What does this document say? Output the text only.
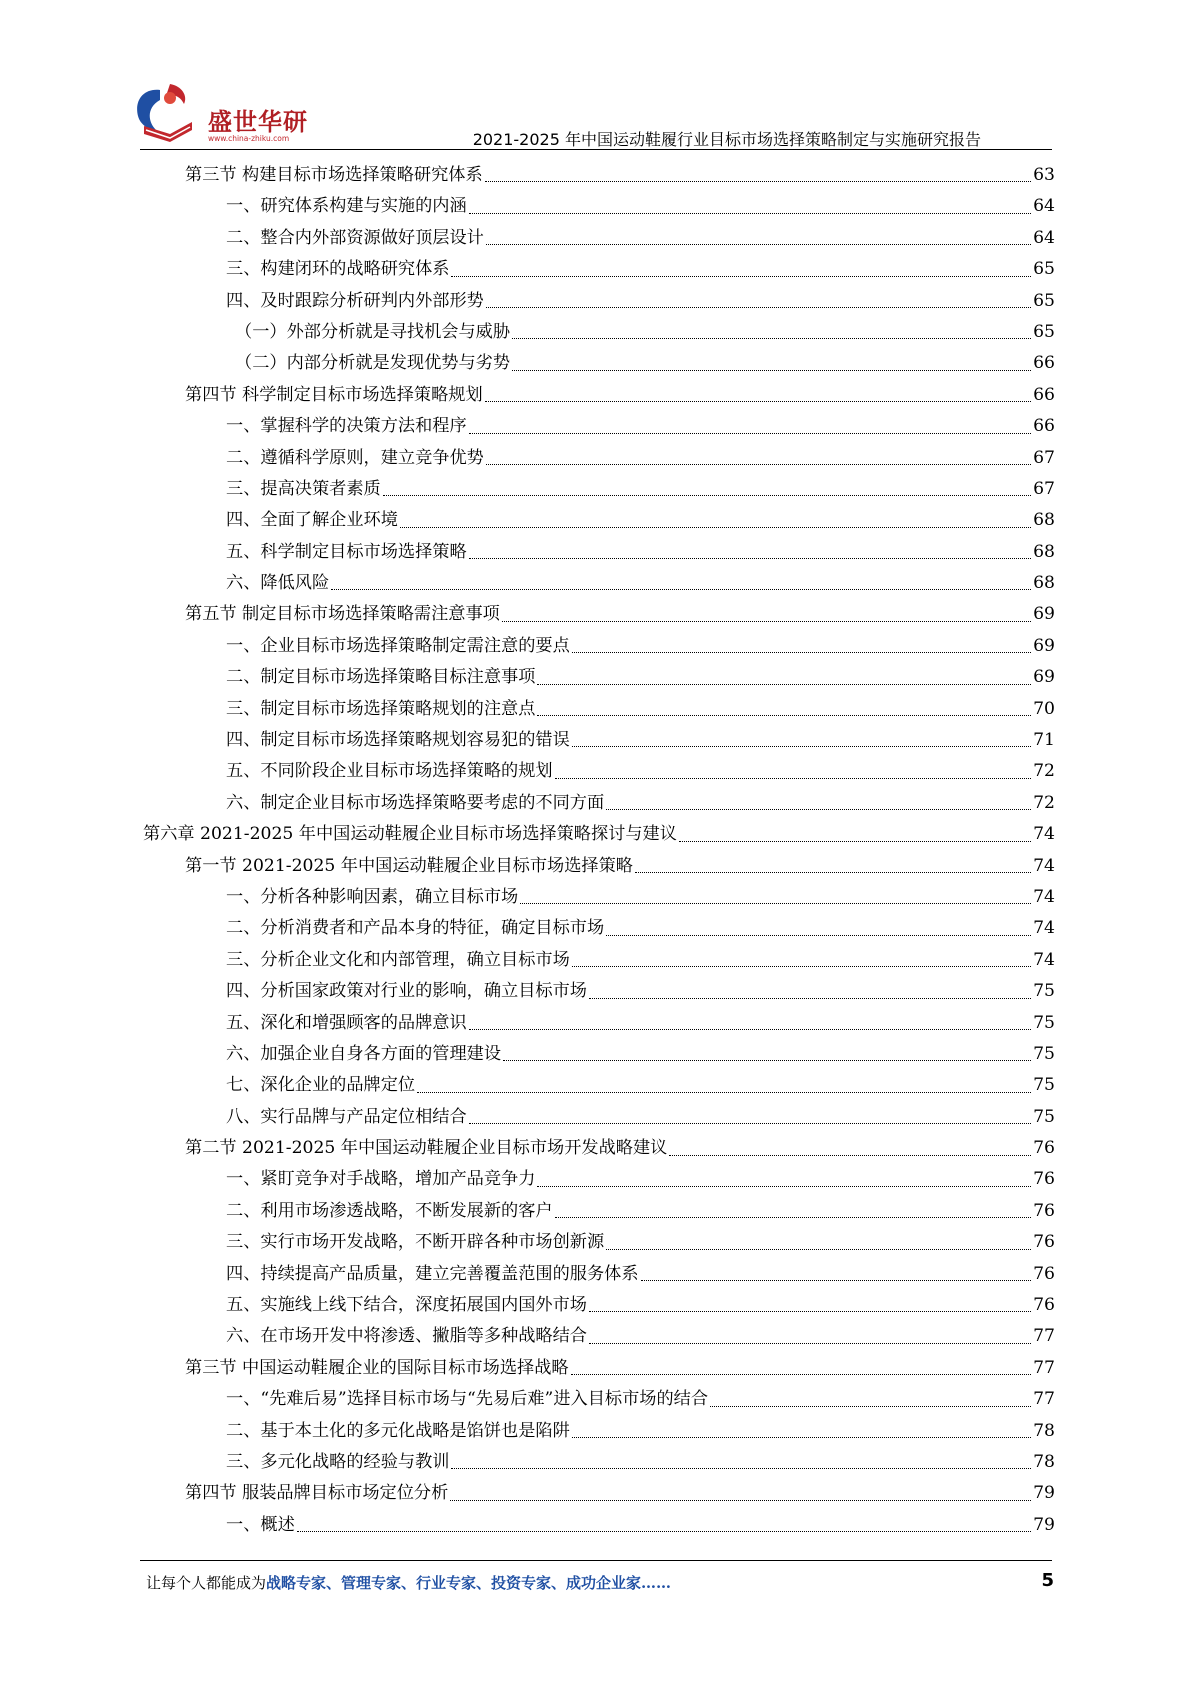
盛世华研
www.china-zhiku.com	2021-2025 年中国运动鞋履行业目标市场选择策略制定与实施研究报告
第三节 构建目标市场选择策略研究体系	63
一、研究体系构建与实施的内涵	64
二、整合内外部资源做好顶层设计	64
三、构建闭环的战略研究体系	65
四、及时跟踪分析研判内外部形势	65
（一）外部分析就是寻找机会与威胁	65
（二）内部分析就是发现优势与劣势	66
第四节 科学制定目标市场选择策略规划	66
一、掌握科学的决策方法和程序	66
二、遵循科学原则，建立竞争优势	67
三、提高决策者素质	67
四、全面了解企业环境	68
五、科学制定目标市场选择策略	68
六、降低风险	68
第五节 制定目标市场选择策略需注意事项	69
一、企业目标市场选择策略制定需注意的要点	69
二、制定目标市场选择策略目标注意事项	69
三、制定目标市场选择策略规划的注意点	70
四、制定目标市场选择策略规划容易犯的错误	71
五、不同阶段企业目标市场选择策略的规划	72
六、制定企业目标市场选择策略要考虑的不同方面	72
第六章 2021-2025 年中国运动鞋履企业目标市场选择策略探讨与建议	74
第一节 2021-2025 年中国运动鞋履企业目标市场选择策略	74
一、分析各种影响因素，确立目标市场	74
二、分析消费者和产品本身的特征，确定目标市场	74
三、分析企业文化和内部管理，确立目标市场	74
四、分析国家政策对行业的影响，确立目标市场	75
五、深化和增强顾客的品牌意识	75
六、加强企业自身各方面的管理建设	75
七、深化企业的品牌定位	75
八、实行品牌与产品定位相结合	75
第二节 2021-2025 年中国运动鞋履企业目标市场开发战略建议	76
一、紧盯竞争对手战略，增加产品竞争力	76
二、利用市场渗透战略，不断发展新的客户	76
三、实行市场开发战略，不断开辟各种市场创新源	76
四、持续提高产品质量，建立完善覆盖范围的服务体系	76
五、实施线上线下结合，深度拓展国内国外市场	76
六、在市场开发中将渗透、撇脂等多种战略结合	77
第三节 中国运动鞋履企业的国际目标市场选择战略	77
一、“先难后易”选择目标市场与“先易后难”进入目标市场的结合	77
二、基于本土化的多元化战略是馅饼也是陷阱	78
三、多元化战略的经验与教训	78
第四节 服装品牌目标市场定位分析	79
一、概述	79
让每个人都能成为战略专家、管理专家、行业专家、投资专家、成功企业家……	5
